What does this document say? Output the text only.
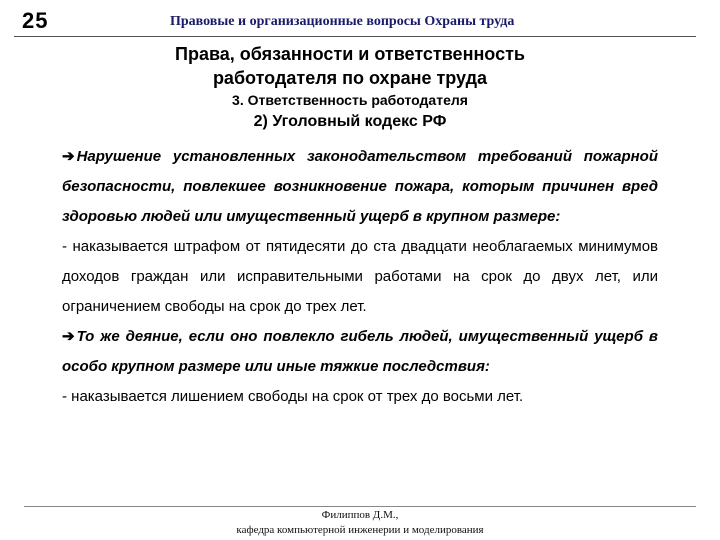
25	Правовые и организационные вопросы Охраны труда
Права, обязанности и ответственность
работодателя по охране труда
3. Ответственность работодателя
2) Уголовный кодекс РФ

➔ Нарушение установленных законодательством требований пожарной безопасности, повлекшее возникновение пожара, которым причинен вред здоровью людей или имущественный ущерб в крупном размере:

- наказывается штрафом от пятидесяти до ста двадцати необлагаемых минимумов доходов граждан или исправительными работами на срок до двух лет, или ограничением свободы на срок до трех лет.

➔ То же деяние, если оно повлекло гибель людей, имущественный ущерб в особо крупном размере или иные тяжкие последствия:

- наказывается лишением свободы на срок от трех до восьми лет.

Филиппов Д.М.,
кафедра компьютерной инженерии и моделирования
